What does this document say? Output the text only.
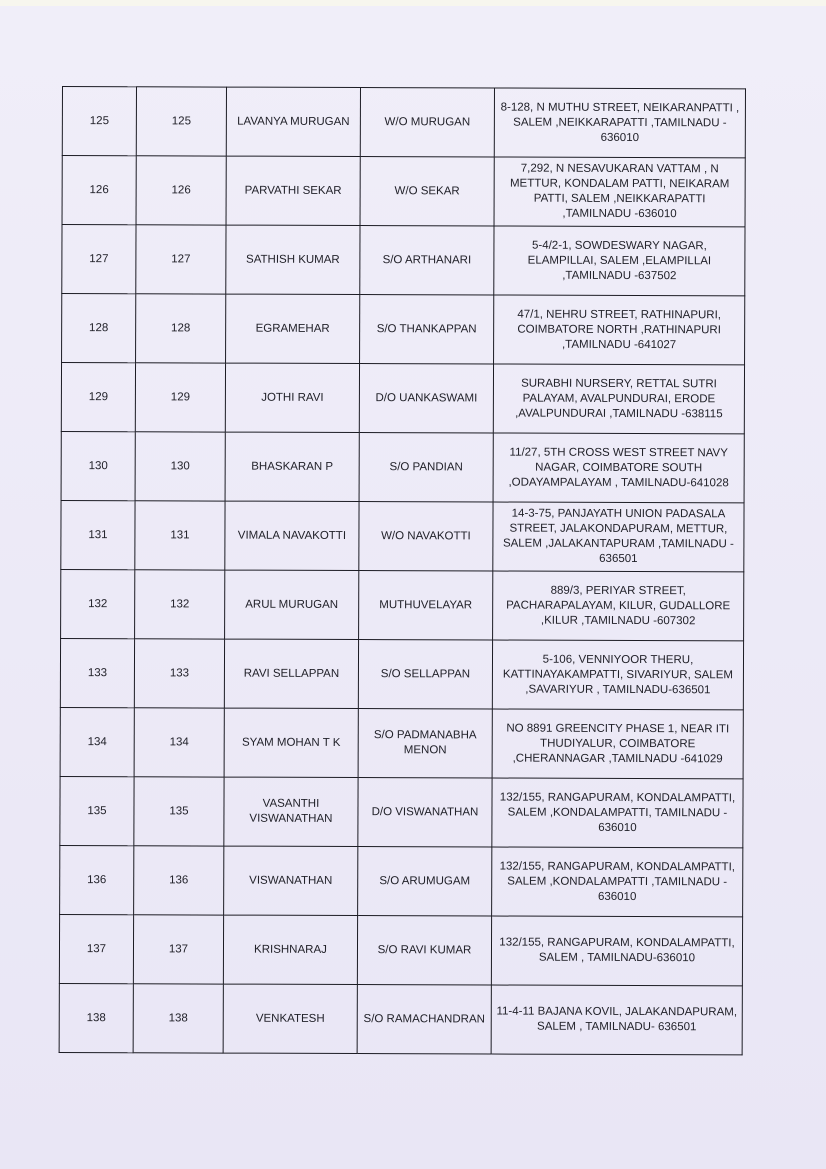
125	125	LAVANYA MURUGAN	W/O MURUGAN	8-128, N MUTHU STREET, NEIKARANPATTI , SALEM ,NEIKKARAPATTI ,TAMILNADU - 636010
126	126	PARVATHI SEKAR	W/O SEKAR	7,292, N NESAVUKARAN VATTAM , N METTUR, KONDALAM PATTI, NEIKARAM PATTI, SALEM ,NEIKKARAPATTI ,TAMILNADU -636010
127	127	SATHISH KUMAR	S/O ARTHANARI	5-4/2-1, SOWDESWARY NAGAR, ELAMPILLAI, SALEM ,ELAMPILLAI ,TAMILNADU -637502
128	128	EGRAMEHAR	S/O THANKAPPAN	47/1, NEHRU STREET, RATHINAPURI, COIMBATORE NORTH ,RATHINAPURI ,TAMILNADU -641027
129	129	JOTHI RAVI	D/O UANKASWAMI	SURABHI NURSERY, RETTAL SUTRI PALAYAM, AVALPUNDURAI, ERODE ,AVALPUNDURAI ,TAMILNADU -638115
130	130	BHASKARAN P	S/O PANDIAN	11/27, 5TH CROSS WEST STREET NAVY NAGAR, COIMBATORE SOUTH ,ODAYAMPALAYAM , TAMILNADU-641028
131	131	VIMALA NAVAKOTTI	W/O NAVAKOTTI	14-3-75, PANJAYATH UNION PADASALA STREET, JALAKONDAPURAM, METTUR, SALEM ,JALAKANTAPURAM ,TAMILNADU - 636501
132	132	ARUL MURUGAN	MUTHUVELAYAR	889/3, PERIYAR STREET, PACHARAPALAYAM, KILUR, GUDALLORE ,KILUR ,TAMILNADU -607302
133	133	RAVI SELLAPPAN	S/O SELLAPPAN	5-106, VENNIYOOR THERU, KATTINAYAKAMPATTI, SIVARIYUR, SALEM ,SAVARIYUR , TAMILNADU-636501
134	134	SYAM MOHAN T K	S/O PADMANABHA MENON	NO 8891 GREENCITY PHASE 1, NEAR ITI THUDIYALUR, COIMBATORE ,CHERANNAGAR ,TAMILNADU -641029
135	135	VASANTHI VISWANATHAN	D/O VISWANATHAN	132/155, RANGAPURAM, KONDALAMPATTI, SALEM ,KONDALAMPATTI, TAMILNADU - 636010
136	136	VISWANATHAN	S/O ARUMUGAM	132/155, RANGAPURAM, KONDALAMPATTI, SALEM ,KONDALAMPATTI ,TAMILNADU - 636010
137	137	KRISHNARAJ	S/O RAVI KUMAR	132/155, RANGAPURAM, KONDALAMPATTI, SALEM , TAMILNADU-636010
138	138	VENKATESH	S/O RAMACHANDRAN	11-4-11 BAJANA KOVIL, JALAKANDAPURAM, SALEM , TAMILNADU- 636501
